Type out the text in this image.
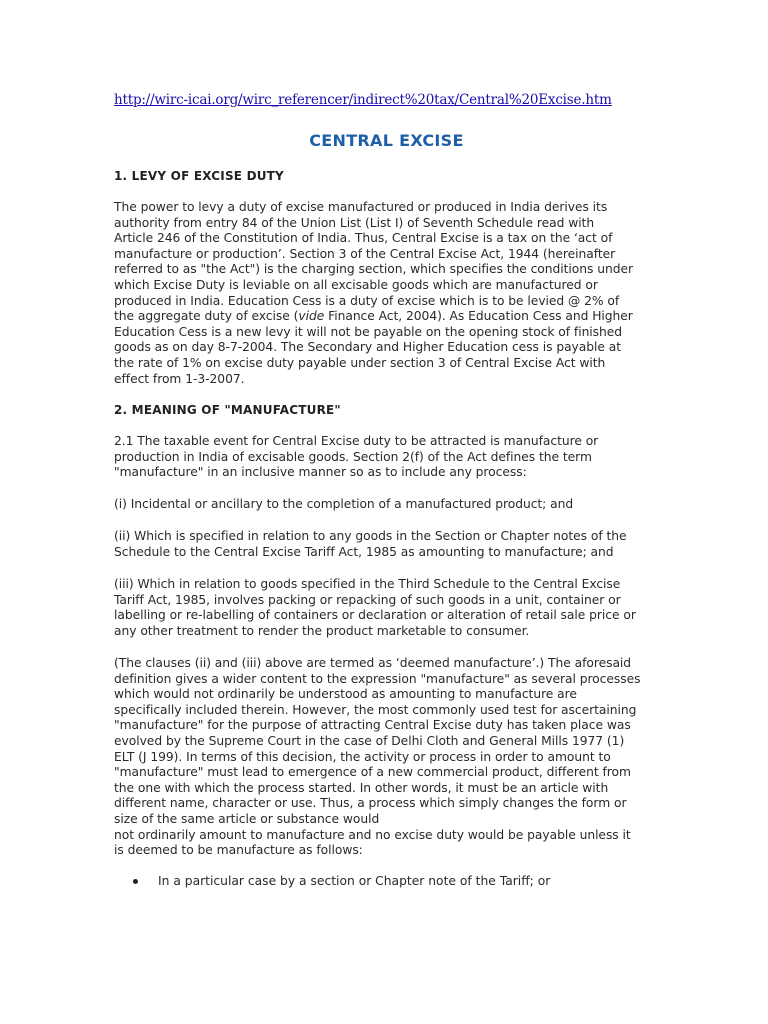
http://wirc-icai.org/wirc_referencer/indirect%20tax/Central%20Excise.htm
CENTRAL EXCISE
1. LEVY OF EXCISE DUTY
The power to levy a duty of excise manufactured or produced in India derives its
authority from entry 84 of the Union List (List I) of Seventh Schedule read with
Article 246 of the Constitution of India. Thus, Central Excise is a tax on the ‘act of
manufacture or production’. Section 3 of the Central Excise Act, 1944 (hereinafter
referred to as "the Act") is the charging section, which specifies the conditions under
which Excise Duty is leviable on all excisable goods which are manufactured or
produced in India. Education Cess is a duty of excise which is to be levied @ 2% of
the aggregate duty of excise (vide Finance Act, 2004). As Education Cess and Higher
Education Cess is a new levy it will not be payable on the opening stock of finished
goods as on day 8-7-2004. The Secondary and Higher Education cess is payable at
the rate of 1% on excise duty payable under section 3 of Central Excise Act with
effect from 1-3-2007.
2. MEANING OF "MANUFACTURE"
2.1 The taxable event for Central Excise duty to be attracted is manufacture or
production in India of excisable goods. Section 2(f) of the Act defines the term
"manufacture" in an inclusive manner so as to include any process:
(i) Incidental or ancillary to the completion of a manufactured product; and
(ii) Which is specified in relation to any goods in the Section or Chapter notes of the
Schedule to the Central Excise Tariff Act, 1985 as amounting to manufacture; and
(iii) Which in relation to goods specified in the Third Schedule to the Central Excise
Tariff Act, 1985, involves packing or repacking of such goods in a unit, container or
labelling or re-labelling of containers or declaration or alteration of retail sale price or
any other treatment to render the product marketable to consumer.
(The clauses (ii) and (iii) above are termed as ‘deemed manufacture’.) The aforesaid
definition gives a wider content to the expression "manufacture" as several processes
which would not ordinarily be understood as amounting to manufacture are
specifically included therein. However, the most commonly used test for ascertaining
"manufacture" for the purpose of attracting Central Excise duty has taken place was
evolved by the Supreme Court in the case of Delhi Cloth and General Mills 1977 (1)
ELT (J 199). In terms of this decision, the activity or process in order to amount to
"manufacture" must lead to emergence of a new commercial product, different from
the one with which the process started. In other words, it must be an article with
different name, character or use. Thus, a process which simply changes the form or
size of the same article or substance would
not ordinarily amount to manufacture and no excise duty would be payable unless it
is deemed to be manufacture as follows:
In a particular case by a section or Chapter note of the Tariff; or
